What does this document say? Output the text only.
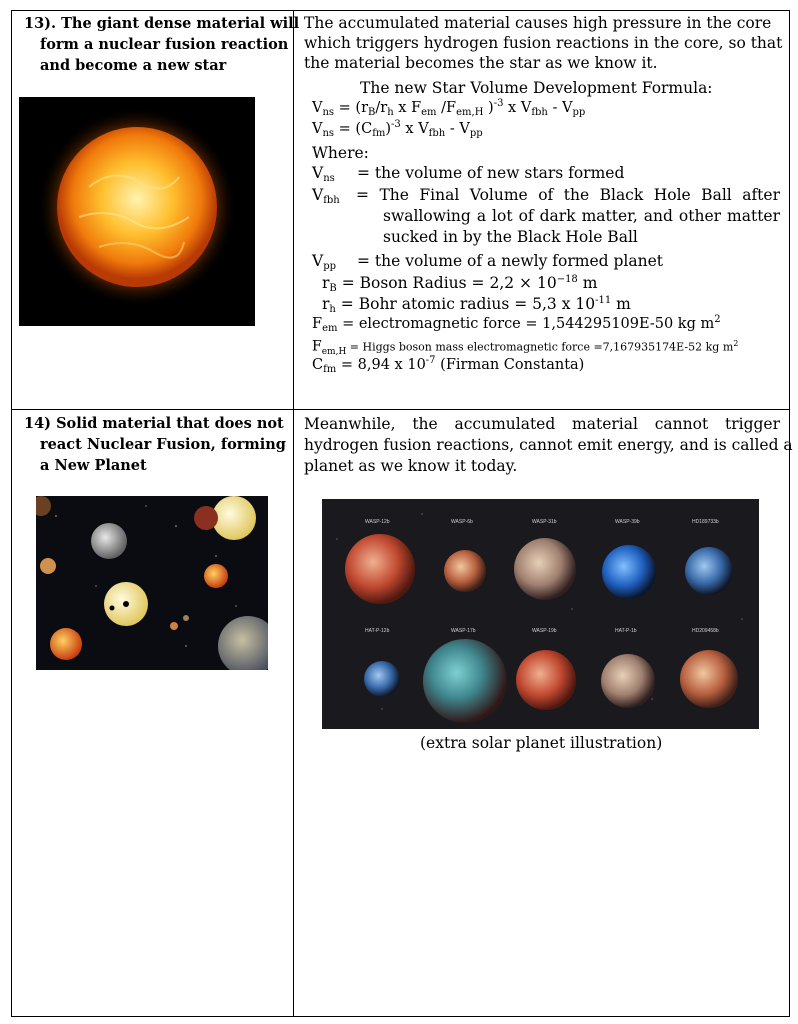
13). The giant dense material will
form a nuclear fusion reaction
and become a new star
The accumulated material causes high pressure in the core
which triggers hydrogen fusion reactions in the core, so that
the material becomes the star as we know it.
The new Star Volume Development Formula:
$V_{ns} = (r_B/r_h$ x $F_{em}$ $/F_{em,H}$ )$^{-3}$ x $V_{fbh} - V_{pp}$
$V_{ns} = (C_{fm})^{-3}$ x $V_{fbh} - V_{pp}$
Where:
$V_{ns}$ = the volume of new stars formed
$V_{fbh}$ = The Final Volume of the Black Hole Ball after
swallowing a lot of dark matter, and other matter
sucked in by the Black Hole Ball
$V_{pp}$ = the volume of a newly formed planet
$r_B$ = Boson Radius = $2,2 \times 10^{-18}$ m
$r_h$ = Bohr atomic radius = 5,3 x $10^{-11}$ m
$F_{em}$ = electromagnetic force = 1,544295109E-50 kg $m^2$
$F_{em,H}$ = Higgs boson mass electromagnetic force =7,167935174E-52 kg $m^2$
$C_{fm} = 8,94$ x $10^{-7}$ (Firman Constanta)
14) Solid material that does not
react Nuclear Fusion, forming
a New Planet
Meanwhile, the accumulated material cannot trigger
hydrogen fusion reactions, cannot emit energy, and is called a
planet as we know it today.
WASP-12b	WASP-6b	WASP-31b	WASP-39b	HD189733b
HAT-P-12b	WASP-17b	WASP-19b	HAT-P-1b	HD209458b
(extra solar planet illustration)
